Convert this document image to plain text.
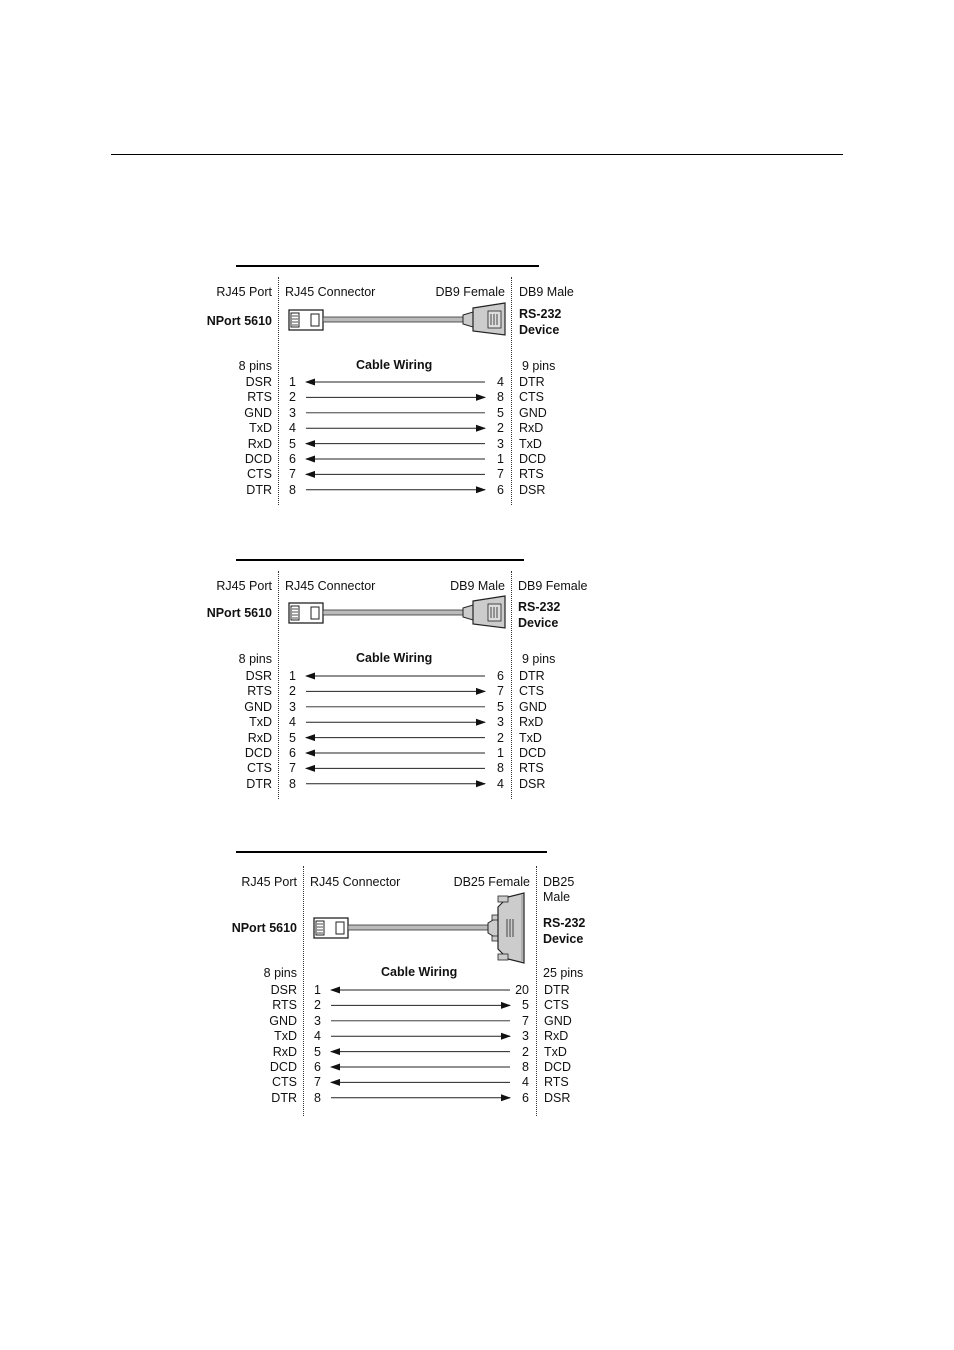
RJ45 Port RJ45 Connector	DB9 Female DB9 Male
NPort 5610	RS-232
Device
8 pins	Cable Wiring	9 pins
DSR 1	4 DTR
RTS 2	8 CTS
GND 3	5 GND
TxD 4	2 RxD
RxD 5	3 TxD
DCD 6	1 DCD
CTS 7	7 RTS
DTR 8	6 DSR
RJ45 Port RJ45 Connector	DB9 Male DB9 Female
NPort 5610	RS-232
Device
8 pins	Cable Wiring	9 pins
DSR 1	6 DTR
RTS 2	7 CTS
GND 3	5 GND
TxD 4	3 RxD
RxD 5	2 TxD
DCD 6	1 DCD
CTS 7	8 RTS
DTR 8	4 DSR
RJ45 Port RJ45 Connector	DB25 Female DB25
Male
NPort 5610	RS-232
Device
8 pins	Cable Wiring	25 pins
DSR 1	20 DTR
RTS 2	5 CTS
GND 3	7 GND
TxD 4	3 RxD
RxD 5	2 TxD
DCD 6	8 DCD
CTS 7	4 RTS
DTR 8	6 DSR
